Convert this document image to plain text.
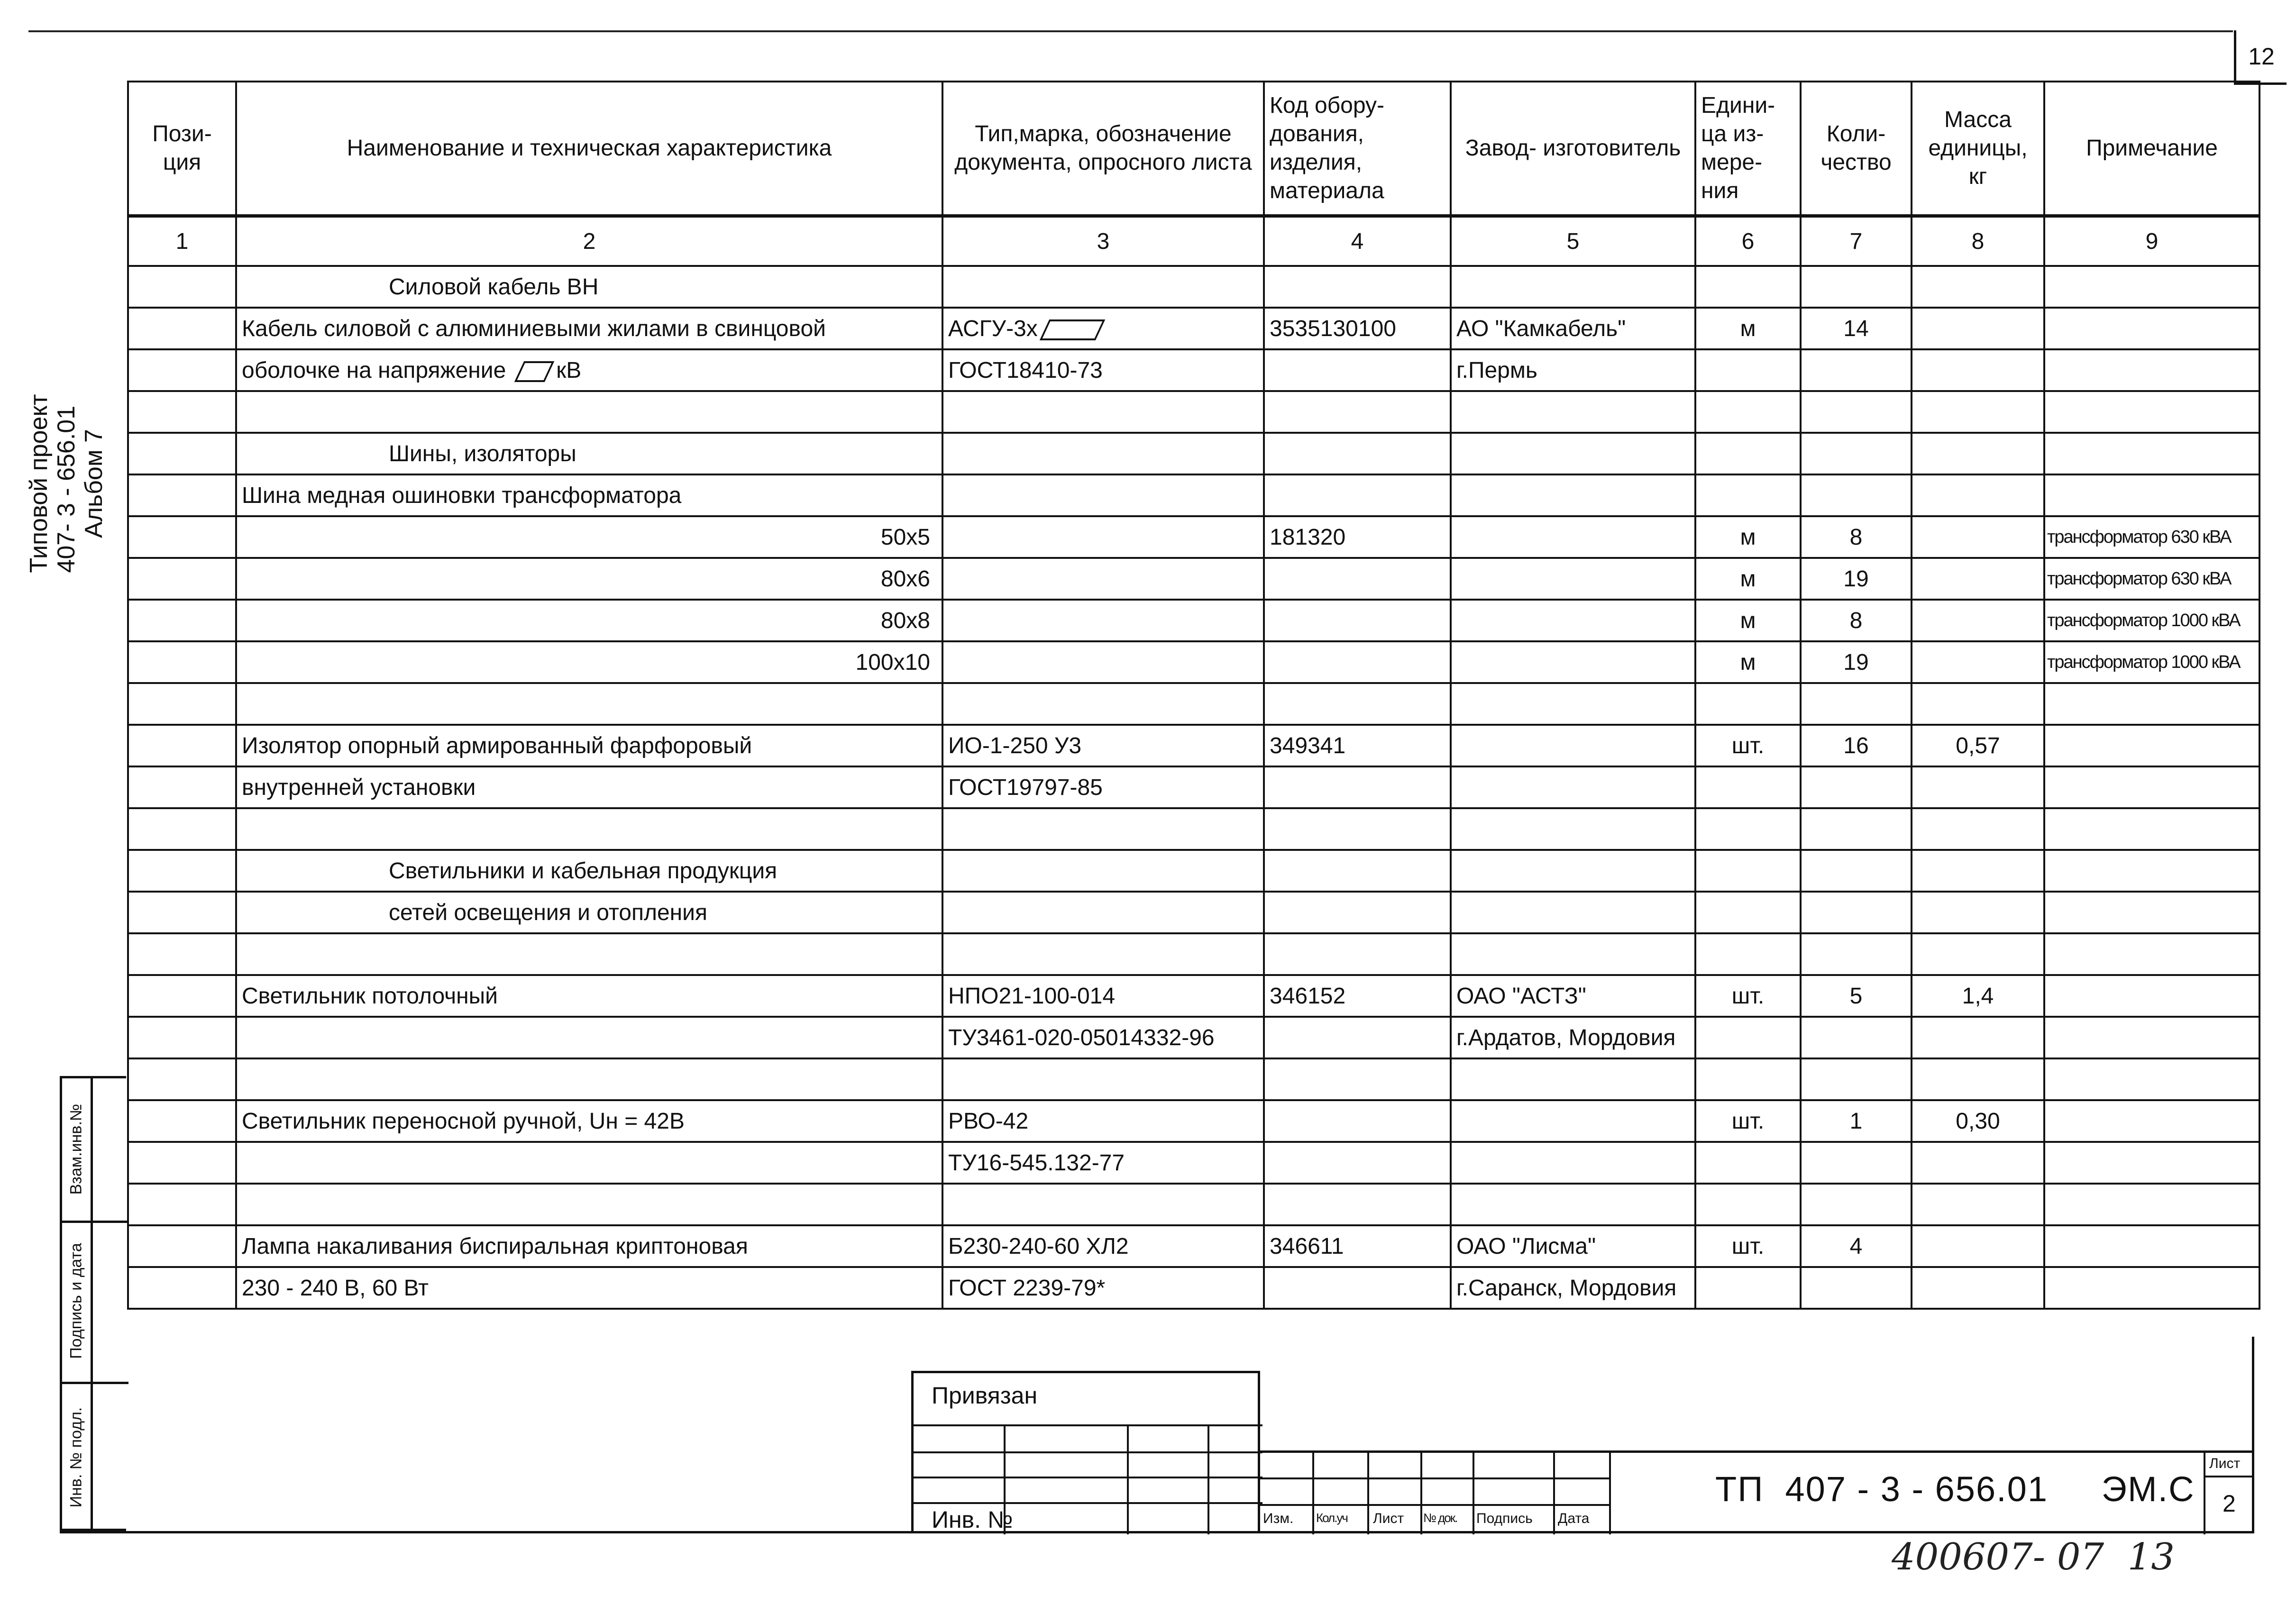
12
Типовой проект 407- 3 - 656.01 Альбом 7
Пози- ция	Наименование и техническая характеристика	Тип,марка, обозначение документа, опросного листа	Код обору- дования, изделия, материала	Завод- изготовитель	Едини- ца из- мере- ния	Коли- чество	Масса единицы, кг	Примечание
1	2	3	4	5	6	7	8	9
	Силовой кабель ВН							
	Кабель силовой с алюминиевыми жилами в свинцовой	АСГУ-3х	3535130100	АО "Камкабель"	м	14		
	оболочке на напряжение кВ	ГОСТ18410-73		г.Пермь				

	Шины, изоляторы							
	Шина медная ошиновки трансформатора							
	50х5		181320		м	8		трансформатор 630 кВА
	80х6				м	19		трансформатор 630 кВА
	80х8				м	8		трансформатор 1000 кВА
	100х10				м	19		трансформатор 1000 кВА

	Изолятор опорный армированный фарфоровый	ИО-1-250 У3	349341		шт.	16	0,57	
	внутренней установки	ГОСТ19797-85						

	Светильники и кабельная продукция							
	сетей освещения и отопления							

	Светильник потолочный	НПО21-100-014	346152	ОАО "АСТЗ"	шт.	5	1,4	
		ТУ3461-020-05014332-96		г.Ардатов, Мордовия				

	Светильник переносной ручной, Uн = 42В	РВО-42			шт.	1	0,30	
		ТУ16-545.132-77						

	Лампа накаливания биспиральная криптоновая	Б230-240-60 ХЛ2	346611	ОАО "Лисма"	шт.	4		
	230 - 240 В, 60 Вт	ГОСТ 2239-79*		г.Саранск, Мордовия				
Взам.инв.№
Подпись и дата
Инв. № подл.
Привязан
Инв. №	Изм. Кол.уч Лист № док. Подпись Дата
ТП  407 - 3 - 656.01     ЭМ.С
Лист
2
400607- 07  13
